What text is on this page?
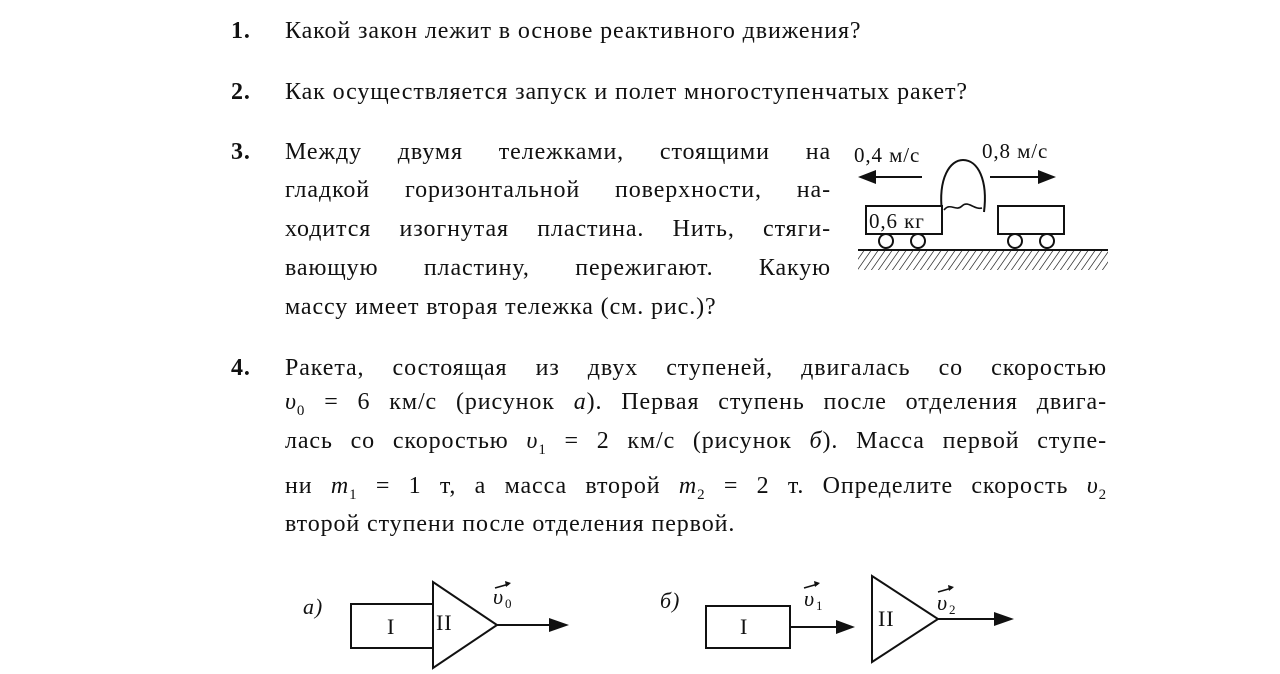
1. Какой закон лежит в основе реактивного движения?
2. Как осуществляется запуск и полет многоступенчатых ракет?
3. Между двумя тележками, стоящими на
гладкой горизонтальной поверхности, на-
ходится изогнутая пластина. Нить, стяги-
вающую пластину, пережигают. Какую
массу имеет вторая тележка (см. рис.)?
0,4 м/с	0,8 м/с
0,6 кг
4. Ракета, состоящая из двух ступеней, двигалась со скоростью
$\upsilon_0 = 6$ км/с (рисунок а). Первая ступень после отделения двига-
лась со скоростью $\upsilon_1 = 2$ км/с (рисунок б). Масса первой ступе-
ни $m_1 = 1$ т, а масса второй $m_2 = 2$ т. Определите скорость $\upsilon_2$
второй ступени после отделения первой.
а)
I II
υ 0	б)
I
υ 1
II
υ 2
